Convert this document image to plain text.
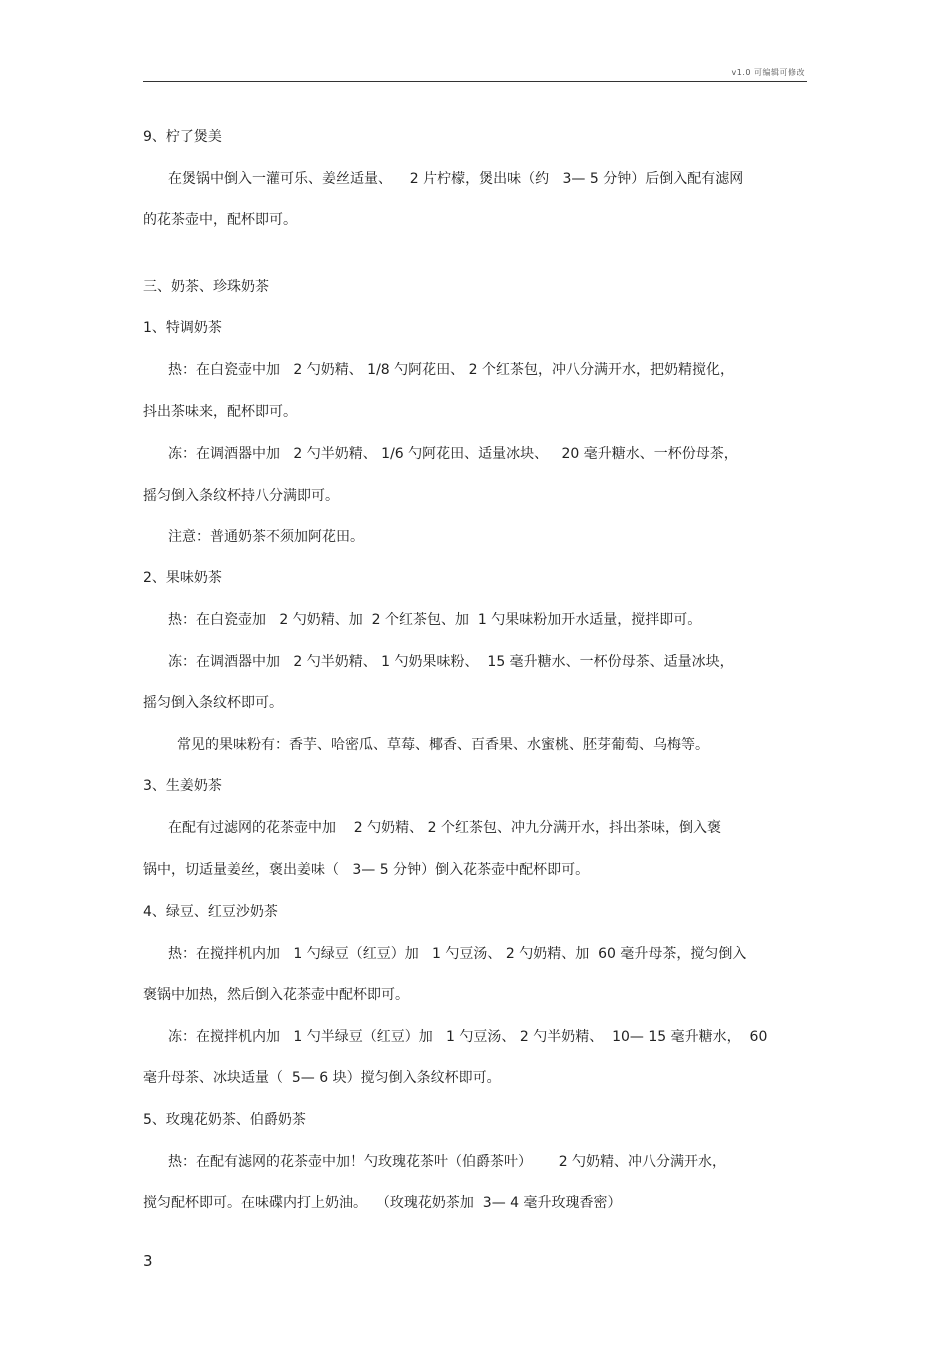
v1.0 可编辑可修改
9、柠了煲美
在煲锅中倒入一灌可乐、姜丝适量、    2 片柠檬，煲出味（约   3— 5 分钟）后倒入配有滤网
的花茶壶中，配杯即可。
三、奶茶、珍珠奶茶
1、特调奶茶
热：在白瓷壶中加   2 勺奶精、 1/8 勺阿花田、 2 个红茶包，冲八分满开水，把奶精搅化，
抖出茶味来，配杯即可。
冻：在调酒器中加   2 勺半奶精、 1/6 勺阿花田、适量冰块、   20 毫升糖水、一杯份母茶，
摇匀倒入条纹杯持八分满即可。
注意：普通奶茶不须加阿花田。
2、果味奶茶
热：在白瓷壶加   2 勺奶精、加  2 个红茶包、加  1 勺果味粉加开水适量，搅拌即可。
冻：在调酒器中加   2 勺半奶精、 1 勺奶果味粉、  15 毫升糖水、一杯份母茶、适量冰块，
摇匀倒入条纹杯即可。
常见的果味粉有：香芋、哈密瓜、草莓、椰香、百香果、水蜜桃、胚芽葡萄、乌梅等。
3、生姜奶茶
在配有过滤网的花茶壶中加    2 勺奶精、 2 个红茶包、冲九分满开水，抖出茶味，倒入褒
锅中，切适量姜丝，褒出姜味（   3— 5 分钟）倒入花茶壶中配杯即可。
4、绿豆、红豆沙奶茶
热：在搅拌机内加   1 勺绿豆（红豆）加   1 勺豆汤、 2 勺奶精、加  60 毫升母茶，搅匀倒入
褒锅中加热，然后倒入花茶壶中配杯即可。
冻：在搅拌机内加   1 勺半绿豆（红豆）加   1 勺豆汤、 2 勺半奶精、  10— 15 毫升糖水，  60
毫升母茶、冰块适量（  5— 6 块）搅匀倒入条纹杯即可。
5、玫瑰花奶茶、伯爵奶茶
热：在配有滤网的花茶壶中加！勺玫瑰花茶叶（伯爵茶叶）      2 勺奶精、冲八分满开水，
搅匀配杯即可。在味碟内打上奶油。  （玫瑰花奶茶加  3— 4 毫升玫瑰香密）
3
